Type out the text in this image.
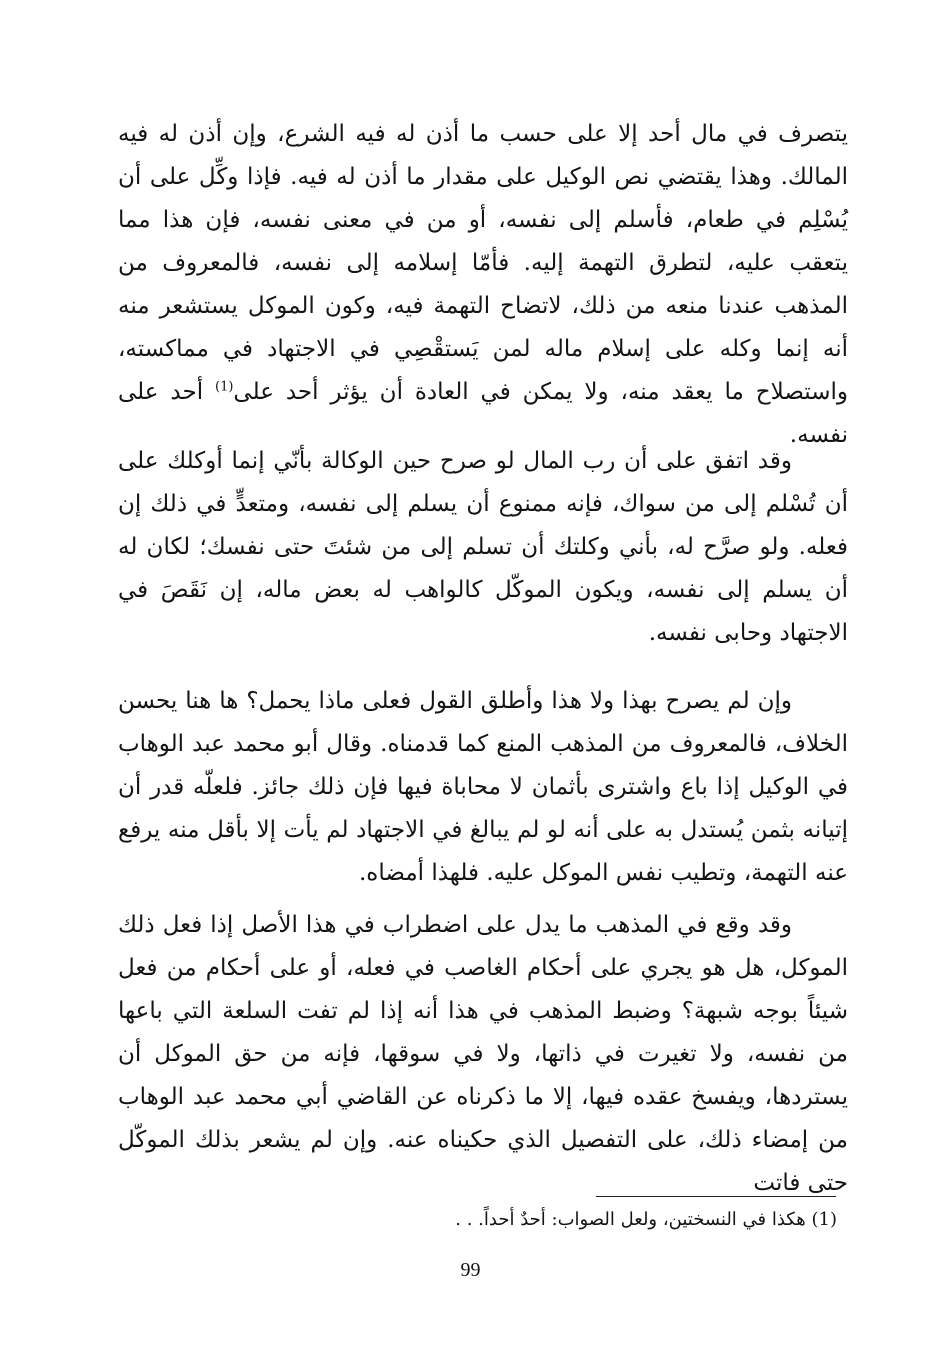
يتصرف في مال أحد إلا على حسب ما أذن له فيه الشرع، وإن أذن له فيه المالك. وهذا يقتضي نص الوكيل على مقدار ما أذن له فيه. فإذا وكِّل على أن يُسْلِم في طعام، فأسلم إلى نفسه، أو من في معنى نفسه، فإن هذا مما يتعقب عليه، لتطرق التهمة إليه. فأمّا إسلامه إلى نفسه، فالمعروف من المذهب عندنا منعه من ذلك، لاتضاح التهمة فيه، وكون الموكل يستشعر منه أنه إنما وكله على إسلام ماله لمن يَستقْصِي في الاجتهاد في مماكسته، واستصلاح ما يعقد منه، ولا يمكن في العادة أن يؤثر أحد على$^{(1)}$ أحد على نفسه.

وقد اتفق على أن رب المال لو صرح حين الوكالة بأنّي إنما أوكلك على أن تُسْلم إلى من سواك، فإنه ممنوع أن يسلم إلى نفسه، ومتعدٍّ في ذلك إن فعله. ولو صرَّح له، بأني وكلتك أن تسلم إلى من شئتَ حتى نفسك؛ لكان له أن يسلم إلى نفسه، ويكون الموكّل كالواهب له بعض ماله، إن نَقَصَ في الاجتهاد وحابى نفسه.

وإن لم يصرح بهذا ولا هذا وأطلق القول فعلى ماذا يحمل؟ ها هنا يحسن الخلاف، فالمعروف من المذهب المنع كما قدمناه. وقال أبو محمد عبد الوهاب في الوكيل إذا باع واشترى بأثمان لا محاباة فيها فإن ذلك جائز. فلعلّه قدر أن إتيانه بثمن يُستدل به على أنه لو لم يبالغ في الاجتهاد لم يأت إلا بأقل منه يرفع عنه التهمة، وتطيب نفس الموكل عليه. فلهذا أمضاه.

وقد وقع في المذهب ما يدل على اضطراب في هذا الأصل إذا فعل ذلك الموكل، هل هو يجري على أحكام الغاصب في فعله، أو على أحكام من فعل شيئاً بوجه شبهة؟ وضبط المذهب في هذا أنه إذا لم تفت السلعة التي باعها من نفسه، ولا تغيرت في ذاتها، ولا في سوقها، فإنه من حق الموكل أن يستردها، ويفسخ عقده فيها، إلا ما ذكرناه عن القاضي أبي محمد عبد الوهاب من إمضاء ذلك، على التفصيل الذي حكيناه عنه. وإن لم يشعر بذلك الموكّل حتى فاتت

(1) هكذا في النسختين، ولعل الصواب: أحدٌ أحداً. . .
99
